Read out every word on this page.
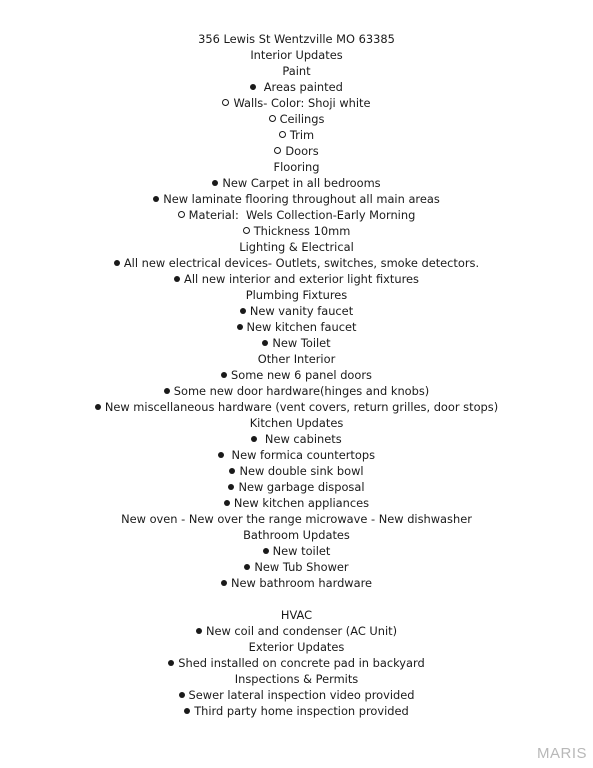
356 Lewis St Wentzville MO 63385
Interior Updates
Paint
Areas painted
Walls- Color: Shoji white
Ceilings
Trim
Doors
Flooring
New Carpet in all bedrooms
New laminate flooring throughout all main areas
Material:  Wels Collection-Early Morning
Thickness 10mm
Lighting & Electrical
All new electrical devices- Outlets, switches, smoke detectors.
All new interior and exterior light fixtures
Plumbing Fixtures
New vanity faucet
New kitchen faucet
New Toilet
Other Interior
Some new 6 panel doors
Some new door hardware(hinges and knobs)
New miscellaneous hardware (vent covers, return grilles, door stops)
Kitchen Updates
New cabinets
New formica countertops
New double sink bowl
New garbage disposal
New kitchen appliances
New oven - New over the range microwave - New dishwasher
Bathroom Updates
New toilet
New Tub Shower
New bathroom hardware
HVAC
New coil and condenser (AC Unit)
Exterior Updates
Shed installed on concrete pad in backyard
Inspections & Permits
Sewer lateral inspection video provided
Third party home inspection provided
MARIS
